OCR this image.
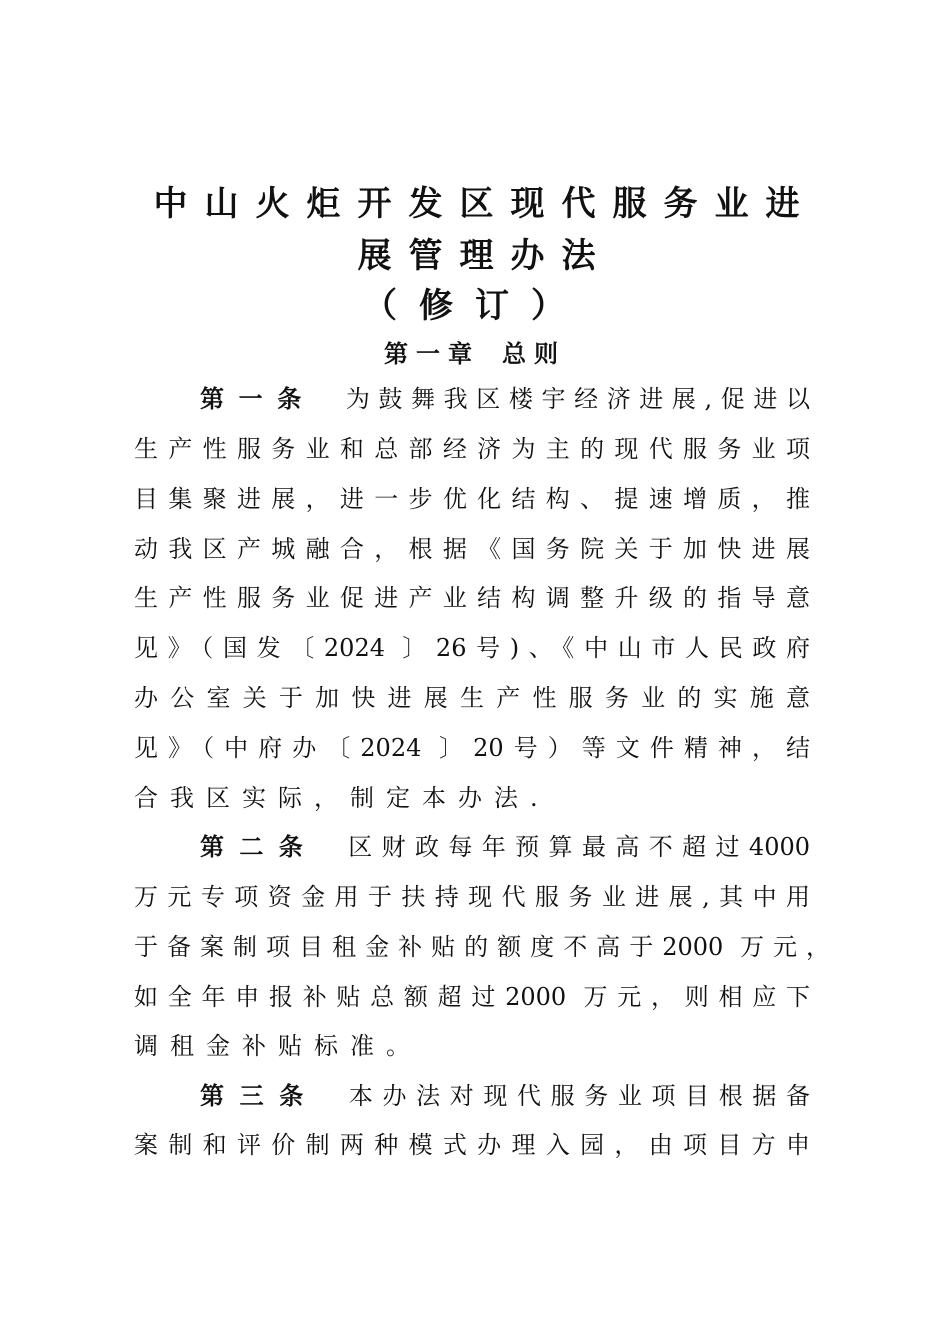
中山火炬开发区现代服务业进
展管理办法
（修订）
第一章 总则
第一条 为鼓舞我区楼宇经济进展,促进以
生产性服务业和总部经济为主的现代服务业项
目集聚进展，进一步优化结构、提速增质，推
动我区产城融合，根据《国务院关于加快进展
生产性服务业促进产业结构调整升级的指导意
见》（国发〔2024 〕26号)、《中山市人民政府
办公室关于加快进展生产性服务业的实施意
见》（中府办〔2024 〕20号）等文件精神，结
合我区实际，制定本办法.
第二条 区财政每年预算最高不超过4000
万元专项资金用于扶持现代服务业进展,其中用
于备案制项目租金补贴的额度不高于2000 万元，
如全年申报补贴总额超过2000 万元，则相应下
调租金补贴标准。
第三条 本办法对现代服务业项目根据备
案制和评价制两种模式办理入园，由项目方申
